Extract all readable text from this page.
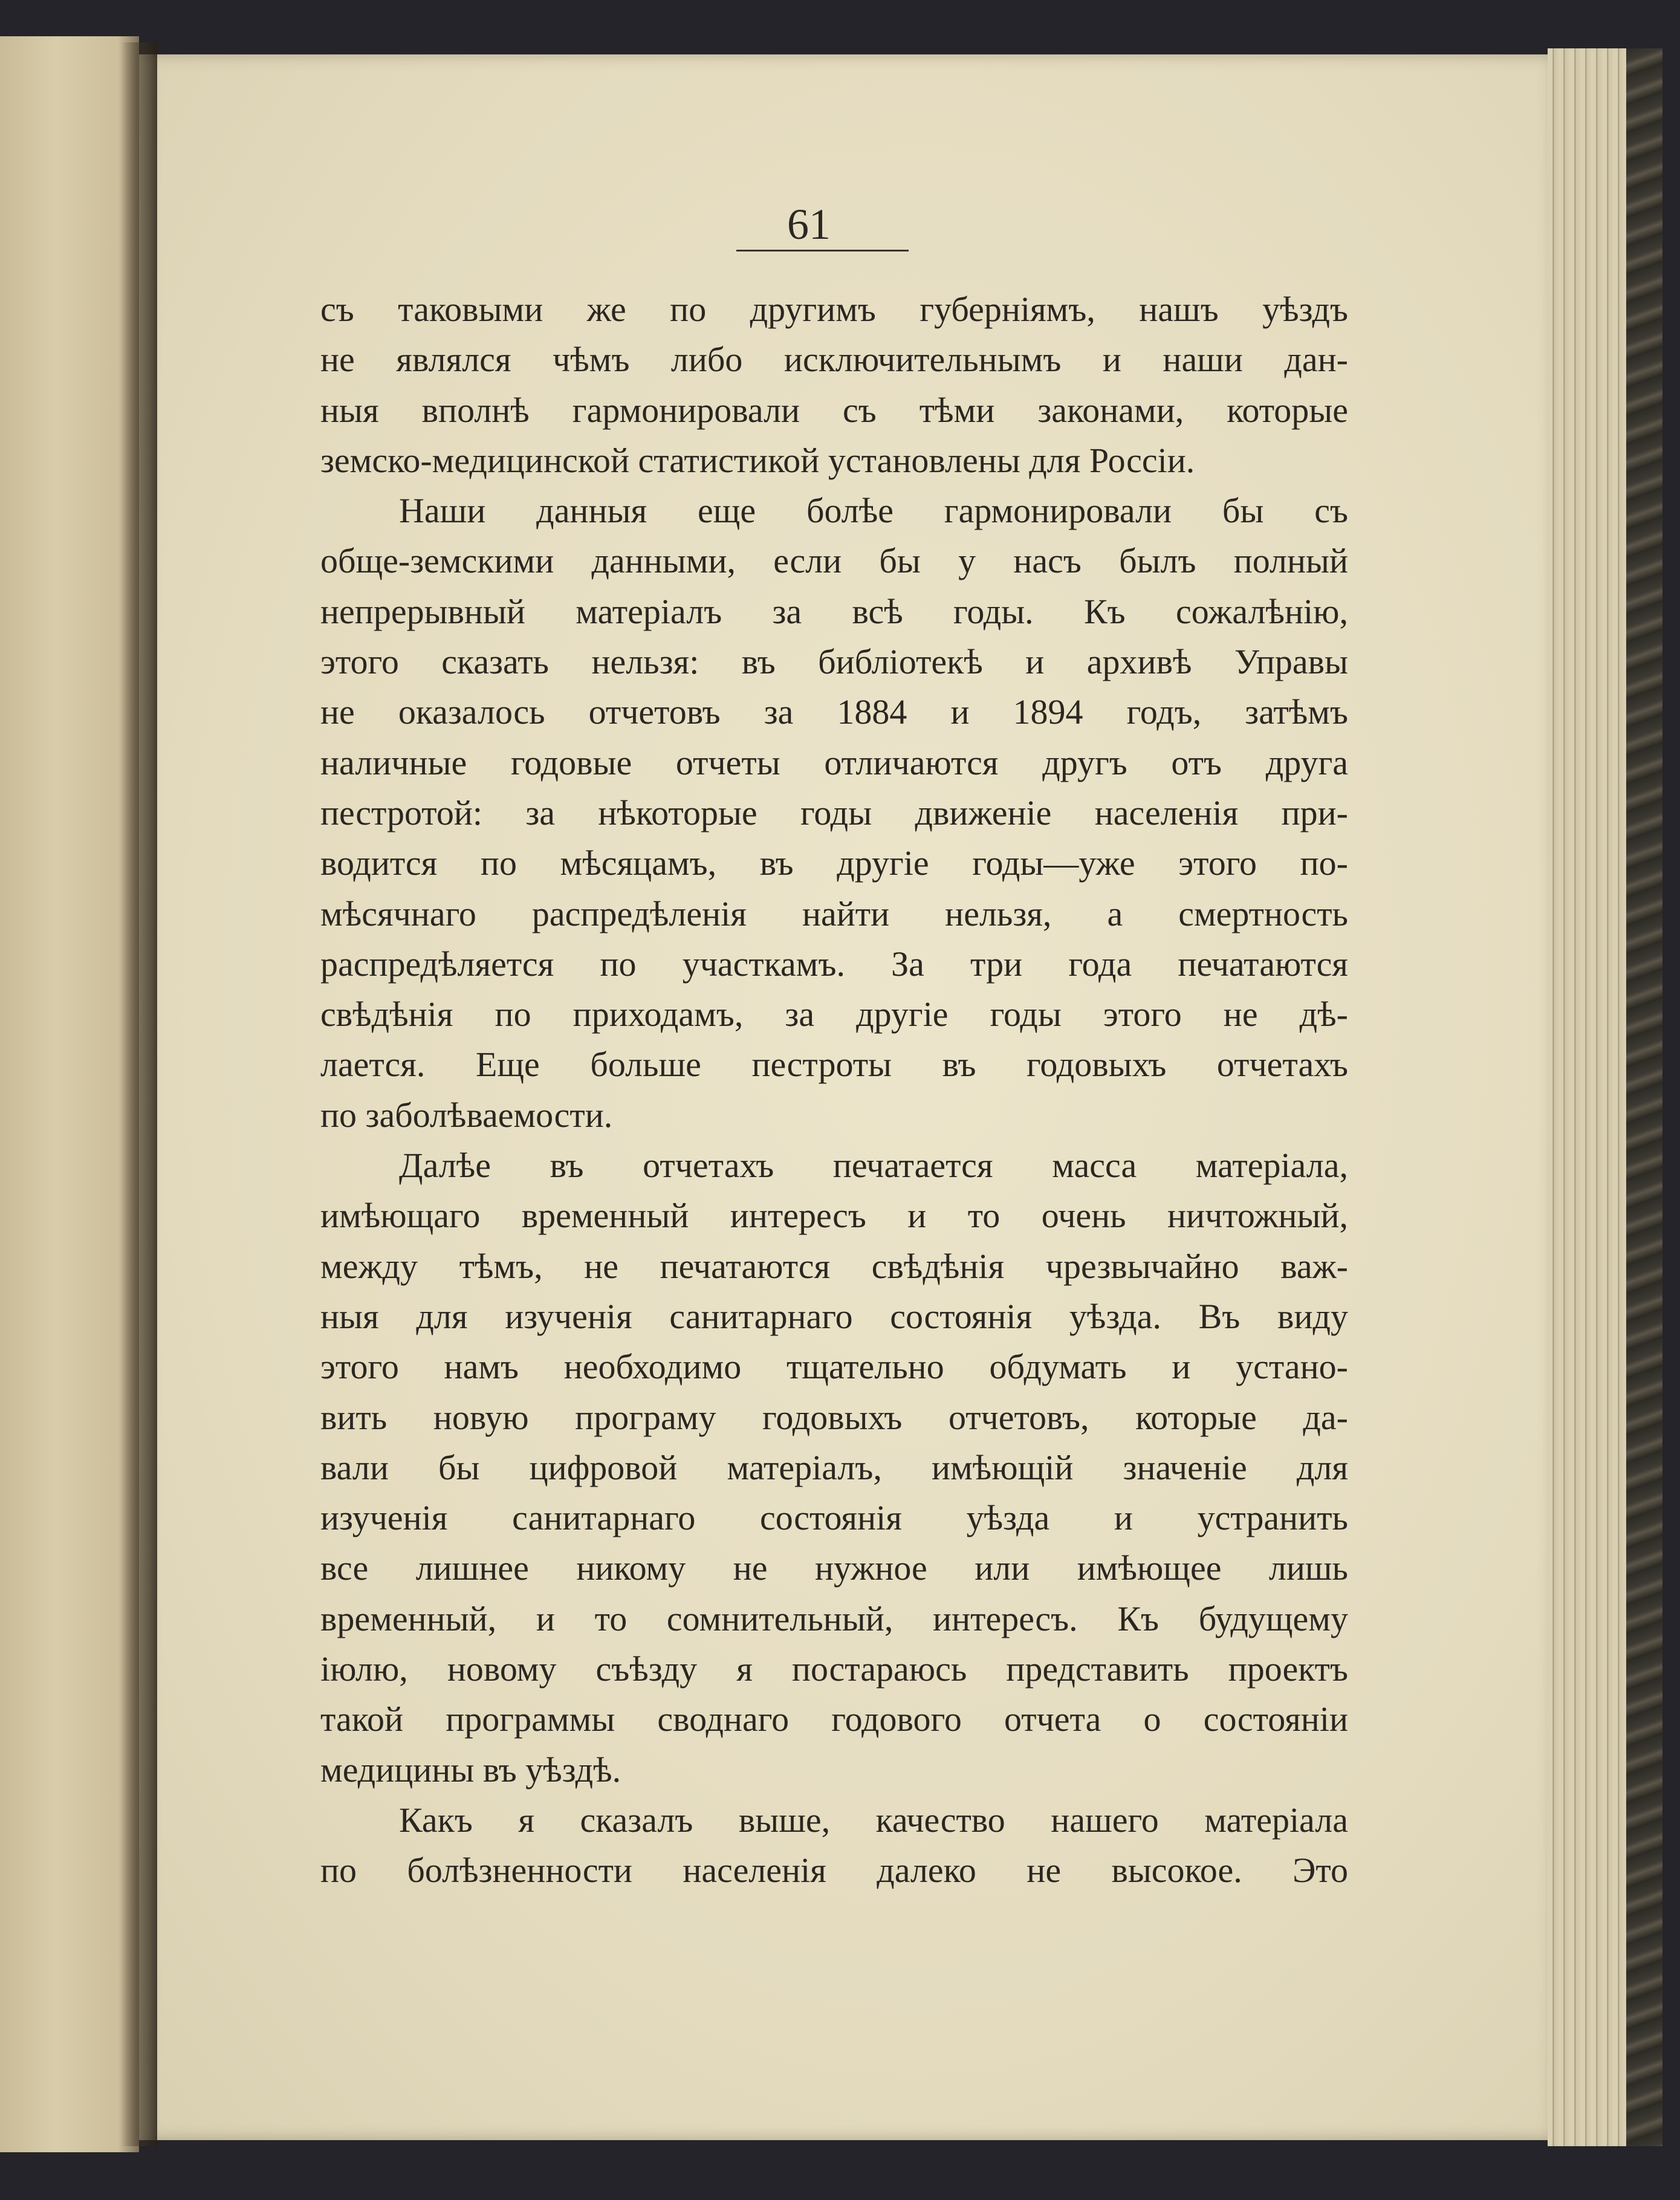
61
съ таковыми же по другимъ губерніямъ, нашъ уѣздъ
не являлся чѣмъ либо исключительнымъ и наши дан-
ныя вполнѣ гармонировали съ тѣми законами, которые
земско-медицинской статистикой установлены для Россіи.
Наши данныя еще болѣе гармонировали бы съ
обще-земскими данными, если бы у насъ былъ полный
непрерывный матеріалъ за всѣ годы. Къ сожалѣнію,
этого сказать нельзя: въ библіотекѣ и архивѣ Управы
не оказалось отчетовъ за 1884 и 1894 годъ, затѣмъ
наличные годовые отчеты отличаются другъ отъ друга
пестротой: за нѣкоторые годы движеніе населенія при-
водится по мѣсяцамъ, въ другіе годы—уже этого по-
мѣсячнаго распредѣленія найти нельзя, а смертность
распредѣляется по участкамъ. За три года печатаются
свѣдѣнія по приходамъ, за другіе годы этого не дѣ-
лается. Еще больше пестроты въ годовыхъ отчетахъ
по заболѣваемости.
Далѣе въ отчетахъ печатается масса матеріала,
имѣющаго временный интересъ и то очень ничтожный,
между тѣмъ, не печатаются свѣдѣнія чрезвычайно важ-
ныя для изученія санитарнаго состоянія уѣзда. Въ виду
этого намъ необходимо тщательно обдумать и устано-
вить новую програму годовыхъ отчетовъ, которые да-
вали бы цифровой матеріалъ, имѣющій значеніе для
изученія санитарнаго состоянія уѣзда и устранить
все лишнее никому не нужное или имѣющее лишь
временный, и то сомнительный, интересъ. Къ будущему
іюлю, новому съѣзду я постараюсь представить проектъ
такой программы своднаго годового отчета о состояніи
медицины въ уѣздѣ.
Какъ я сказалъ выше, качество нашего матеріала
по болѣзненности населенія далеко не высокое. Это
